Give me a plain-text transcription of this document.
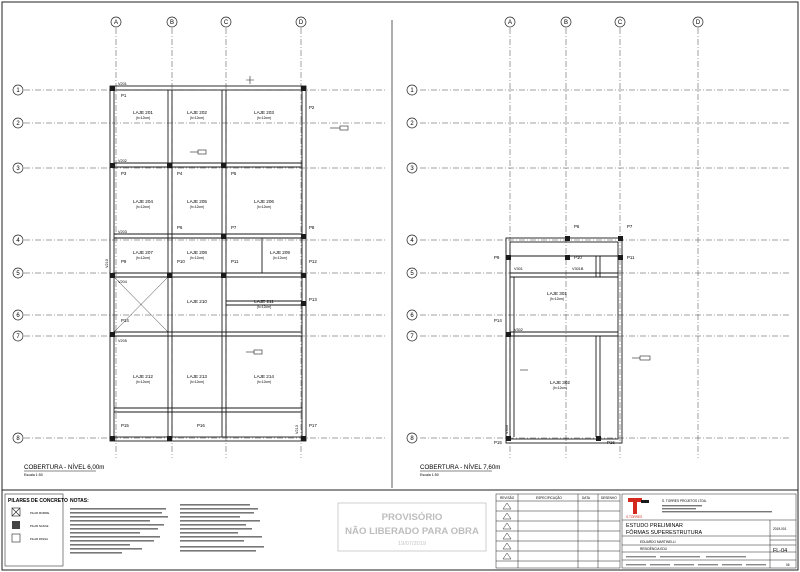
A	B	C	D
1
2
3
4
5
6
7
8
LAJE 201
(h=12cm)
LAJE 202
(h=12cm)
LAJE 203
(h=12cm)
LAJE 204
(h=12cm)
LAJE 205
(h=12cm)
LAJE 206
(h=12cm)
LAJE 207
(h=12cm)
LAJE 208
(h=12cm)
LAJE 209
(h=12cm)
LAJE 210	LAJE 211
(h=12cm)
LAJE 212
(h=12cm)
LAJE 213
(h=12cm)
LAJE 214
(h=12cm)
P1
P2
P3	P4	P5
P6	P7	P8
P9	P10	P11	P12
P13
P14
P15	P16	P17
V201
V202
V203
V204
V205
V210
V213
COBERTURA - NÍVEL 6,00m
Escala 1:50
A	B	C	D
1
2
3
4
5
6
7
8
LAJE 301
(h=12cm)
LAJE 302
(h=12cm)
P6	P7
P9	P10	P11
P14
P15	P16
V301	V301B
V302
V303
COBERTURA - NÍVEL 7,60m
Escala 1:50
PILARES DE CONCRETO
PILAR MORRE
PILAR NASCE
PILAR PASSA
NOTAS:
PROVISÓRIO
NÃO LIBERADO PARA OBRA
19/07/2019
REVISÃO	ESPECIFICAÇÃO	DATA	DESENHO
S.TORRES
S. TORRES PROJETOS LTDA.
ESTUDO PRELIMINAR
FÔRMAS SUPERESTRUTURA
EDUARDO MARTINELLI
RESIDÊNCIA EDU
2019-001
FL-04
06
